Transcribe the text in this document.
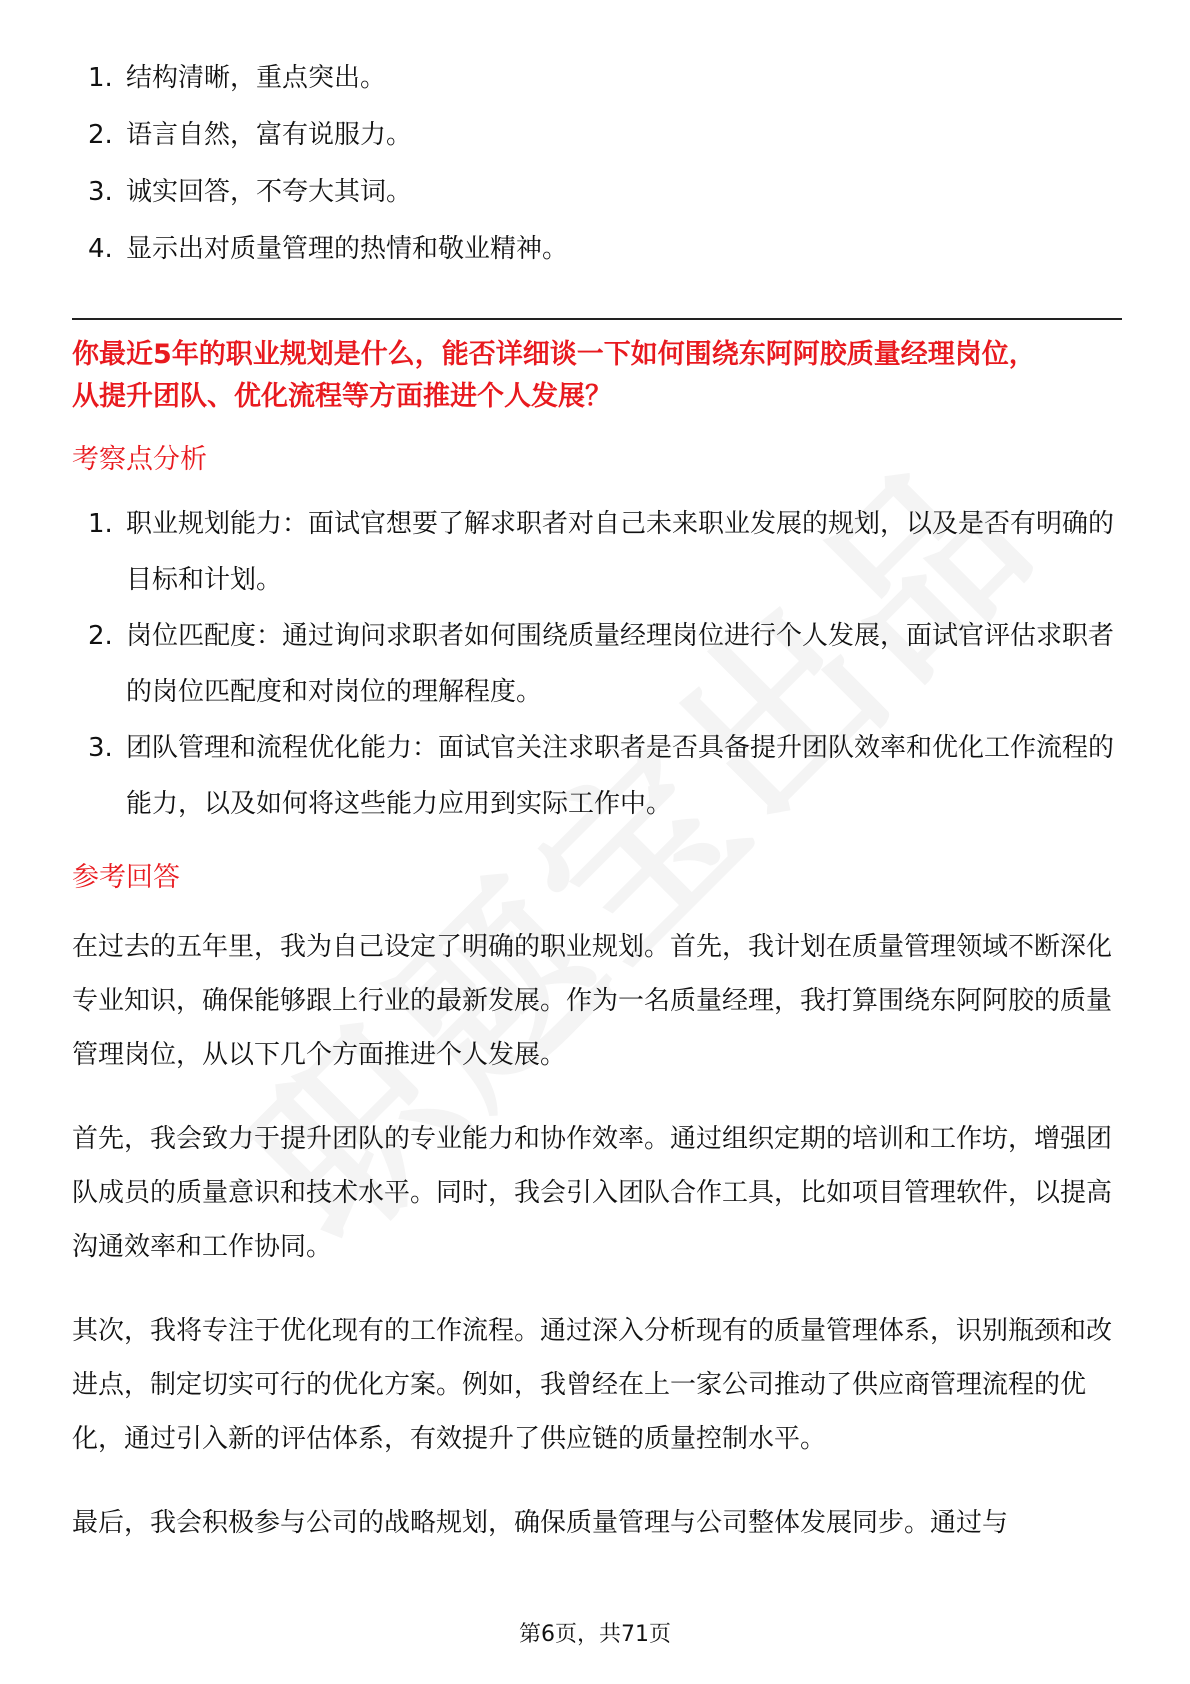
1. 结构清晰，重点突出。
2. 语言自然，富有说服力。
3. 诚实回答，不夸大其词。
4. 显示出对质量管理的热情和敬业精神。

你最近5年的职业规划是什么，能否详细谈一下如何围绕东阿阿胶质量经理岗位，
从提升团队、优化流程等方面推进个人发展？

考察点分析
1. 职业规划能力：面试官想要了解求职者对自己未来职业发展的规划，以及是否有明确的目标和计划。
2. 岗位匹配度：通过询问求职者如何围绕质量经理岗位进行个人发展，面试官评估求职者的岗位匹配度和对岗位的理解程度。
3. 团队管理和流程优化能力：面试官关注求职者是否具备提升团队效率和优化工作流程的能力，以及如何将这些能力应用到实际工作中。
参考回答

在过去的五年里，我为自己设定了明确的职业规划。首先，我计划在质量管理领域不断深化专业知识，确保能够跟上行业的最新发展。作为一名质量经理，我打算围绕东阿阿胶的质量管理岗位，从以下几个方面推进个人发展。

首先，我会致力于提升团队的专业能力和协作效率。通过组织定期的培训和工作坊，增强团队成员的质量意识和技术水平。同时，我会引入团队合作工具，比如项目管理软件，以提高沟通效率和工作协同。

其次，我将专注于优化现有的工作流程。通过深入分析现有的质量管理体系，识别瓶颈和改进点，制定切实可行的优化方案。例如，我曾经在上一家公司推动了供应商管理流程的优化，通过引入新的评估体系，有效提升了供应链的质量控制水平。

最后，我会积极参与公司的战略规划，确保质量管理与公司整体发展同步。通过与

第6页，共71页
